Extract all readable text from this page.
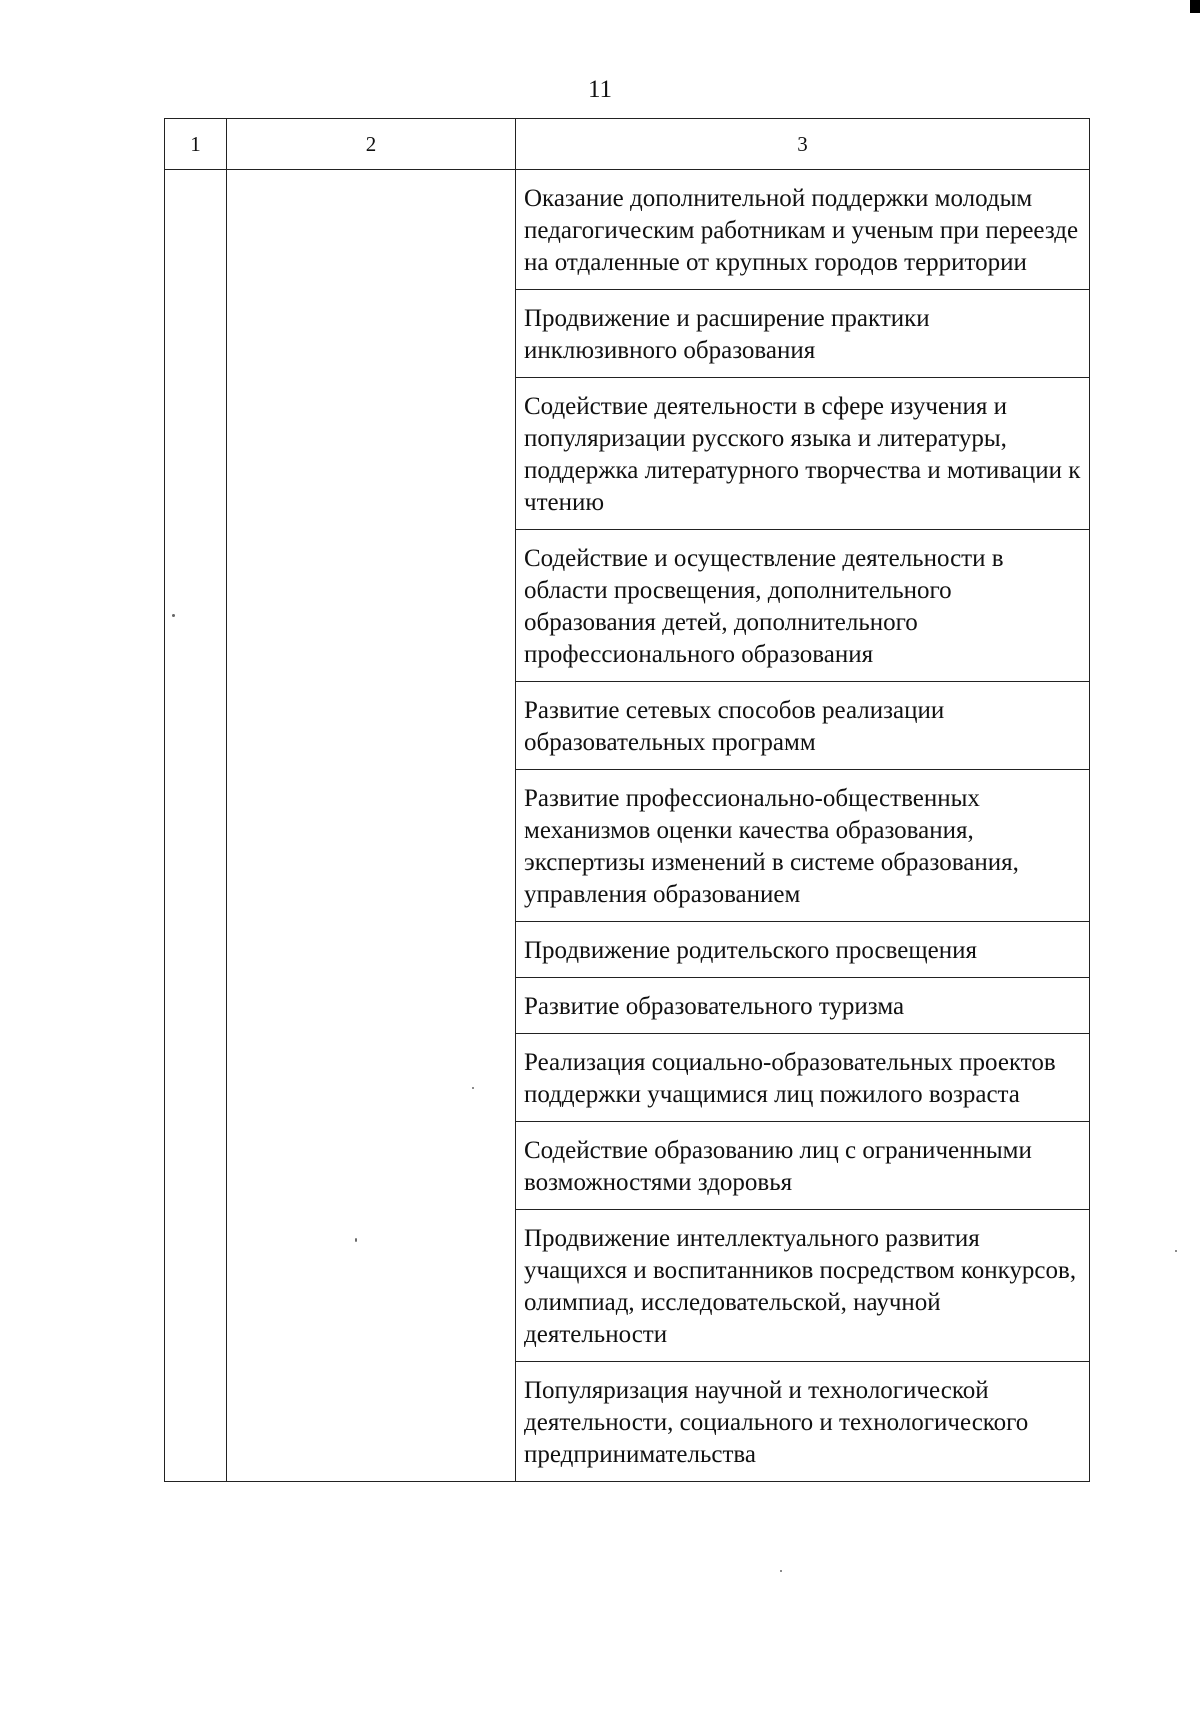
11
1	2	3
		Оказание дополнительной поддержки молодым педагогическим работникам и ученым при переезде на отдаленные от крупных городов территории
		Продвижение и расширение практики инклюзивного образования
		Содействие деятельности в сфере изучения и популяризации русского языка и литературы, поддержка литературного творчества и мотивации к чтению
		Содействие и осуществление деятельности в области просвещения, дополнительного образования детей, дополнительного профессионального образования
		Развитие сетевых способов реализации образовательных программ
		Развитие профессионально-общественных механизмов оценки качества образования, экспертизы изменений в системе образования, управления образованием
		Продвижение родительского просвещения
		Развитие образовательного туризма
		Реализация социально-образовательных проектов поддержки учащимися лиц пожилого возраста
		Содействие образованию лиц с ограниченными возможностями здоровья
		Продвижение интеллектуального развития учащихся и воспитанников посредством конкурсов, олимпиад, исследовательской, научной деятельности
		Популяризация научной и технологической деятельности, социального и технологического предпринимательства
